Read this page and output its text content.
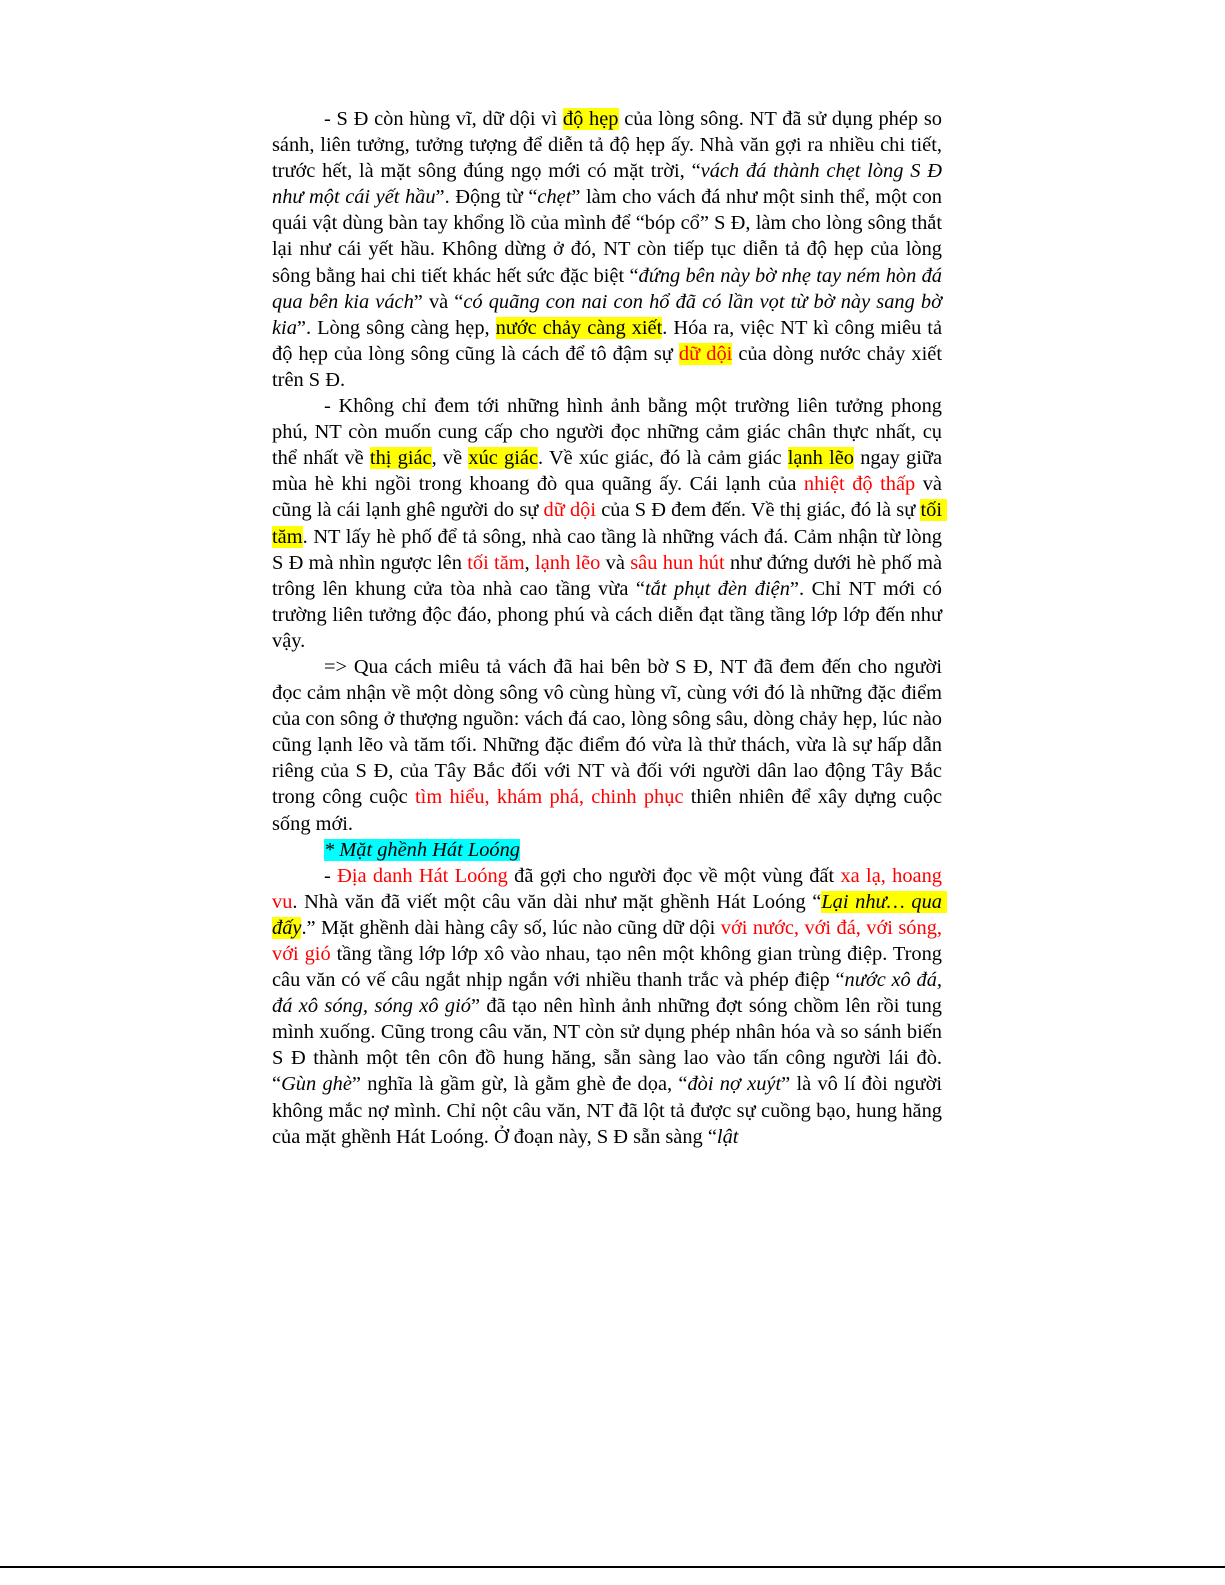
- S Đ còn hùng vĩ, dữ dội vì độ hẹp của lòng sông. NT đã sử dụng phép so sánh, liên tưởng, tưởng tượng để diễn tả độ hẹp ấy. Nhà văn gợi ra nhiều chi tiết, trước hết, là mặt sông đúng ngọ mới có mặt trời, “vách đá thành chẹt lòng S Đ như một cái yết hầu”. Động từ “chẹt” làm cho vách đá như một sinh thể, một con quái vật dùng bàn tay khổng lồ của mình để “bóp cổ” S Đ, làm cho lòng sông thắt lại như cái yết hầu. Không dừng ở đó, NT còn tiếp tục diễn tả độ hẹp của lòng sông bằng hai chi tiết khác hết sức đặc biệt “đứng bên này bờ nhẹ tay ném hòn đá qua bên kia vách” và “có quãng con nai con hổ đã có lần vọt từ bờ này sang bờ kia”. Lòng sông càng hẹp, nước chảy càng xiết. Hóa ra, việc NT kì công miêu tả độ hẹp của lòng sông cũng là cách để tô đậm sự dữ dội của dòng nước chảy xiết trên S Đ.

- Không chỉ đem tới những hình ảnh bằng một trường liên tưởng phong phú, NT còn muốn cung cấp cho người đọc những cảm giác chân thực nhất, cụ thể nhất về thị giác, về xúc giác. Về xúc giác, đó là cảm giác lạnh lẽo ngay giữa mùa hè khi ngồi trong khoang đò qua quãng ấy. Cái lạnh của nhiệt độ thấp và cũng là cái lạnh ghê người do sự dữ dội của S Đ đem đến. Về thị giác, đó là sự tối tăm. NT lấy hè phố để tả sông, nhà cao tầng là những vách đá. Cảm nhận từ lòng S Đ mà nhìn ngược lên tối tăm, lạnh lẽo và sâu hun hút như đứng dưới hè phố mà trông lên khung cửa tòa nhà cao tầng vừa “tắt phụt đèn điện”. Chỉ NT mới có trường liên tưởng độc đáo, phong phú và cách diễn đạt tầng tầng lớp lớp đến như vậy.

=> Qua cách miêu tả vách đã hai bên bờ S Đ, NT đã đem đến cho người đọc cảm nhận về một dòng sông vô cùng hùng vĩ, cùng với đó là những đặc điểm của con sông ở thượng nguồn: vách đá cao, lòng sông sâu, dòng chảy hẹp, lúc nào cũng lạnh lẽo và tăm tối. Những đặc điểm đó vừa là thử thách, vừa là sự hấp dẫn riêng của S Đ, của Tây Bắc đối với NT và đối với người dân lao động Tây Bắc trong công cuộc tìm hiểu, khám phá, chinh phục thiên nhiên để xây dựng cuộc sống mới.

* Mặt ghềnh Hát Loóng

- Địa danh Hát Loóng đã gợi cho người đọc về một vùng đất xa lạ, hoang vu. Nhà văn đã viết một câu văn dài như mặt ghềnh Hát Loóng “Lại như… qua đấy.” Mặt ghềnh dài hàng cây số, lúc nào cũng dữ dội với nước, với đá, với sóng, với gió tầng tầng lớp lớp xô vào nhau, tạo nên một không gian trùng điệp. Trong câu văn có vế câu ngắt nhịp ngắn với nhiều thanh trắc và phép điệp “nước xô đá, đá xô sóng, sóng xô gió” đã tạo nên hình ảnh những đợt sóng chồm lên rồi tung mình xuống. Cũng trong câu văn, NT còn sử dụng phép nhân hóa và so sánh biến S Đ thành một tên côn đồ hung hăng, sẵn sàng lao vào tấn công người lái đò. “Gùn ghè” nghĩa là gầm gừ, là gằm ghè đe dọa, “đòi nợ xuýt” là vô lí đòi người không mắc nợ mình. Chỉ nột câu văn, NT đã lột tả được sự cuồng bạo, hung hăng của mặt ghềnh Hát Loóng. Ở đoạn này, S Đ sẵn sàng “lật
